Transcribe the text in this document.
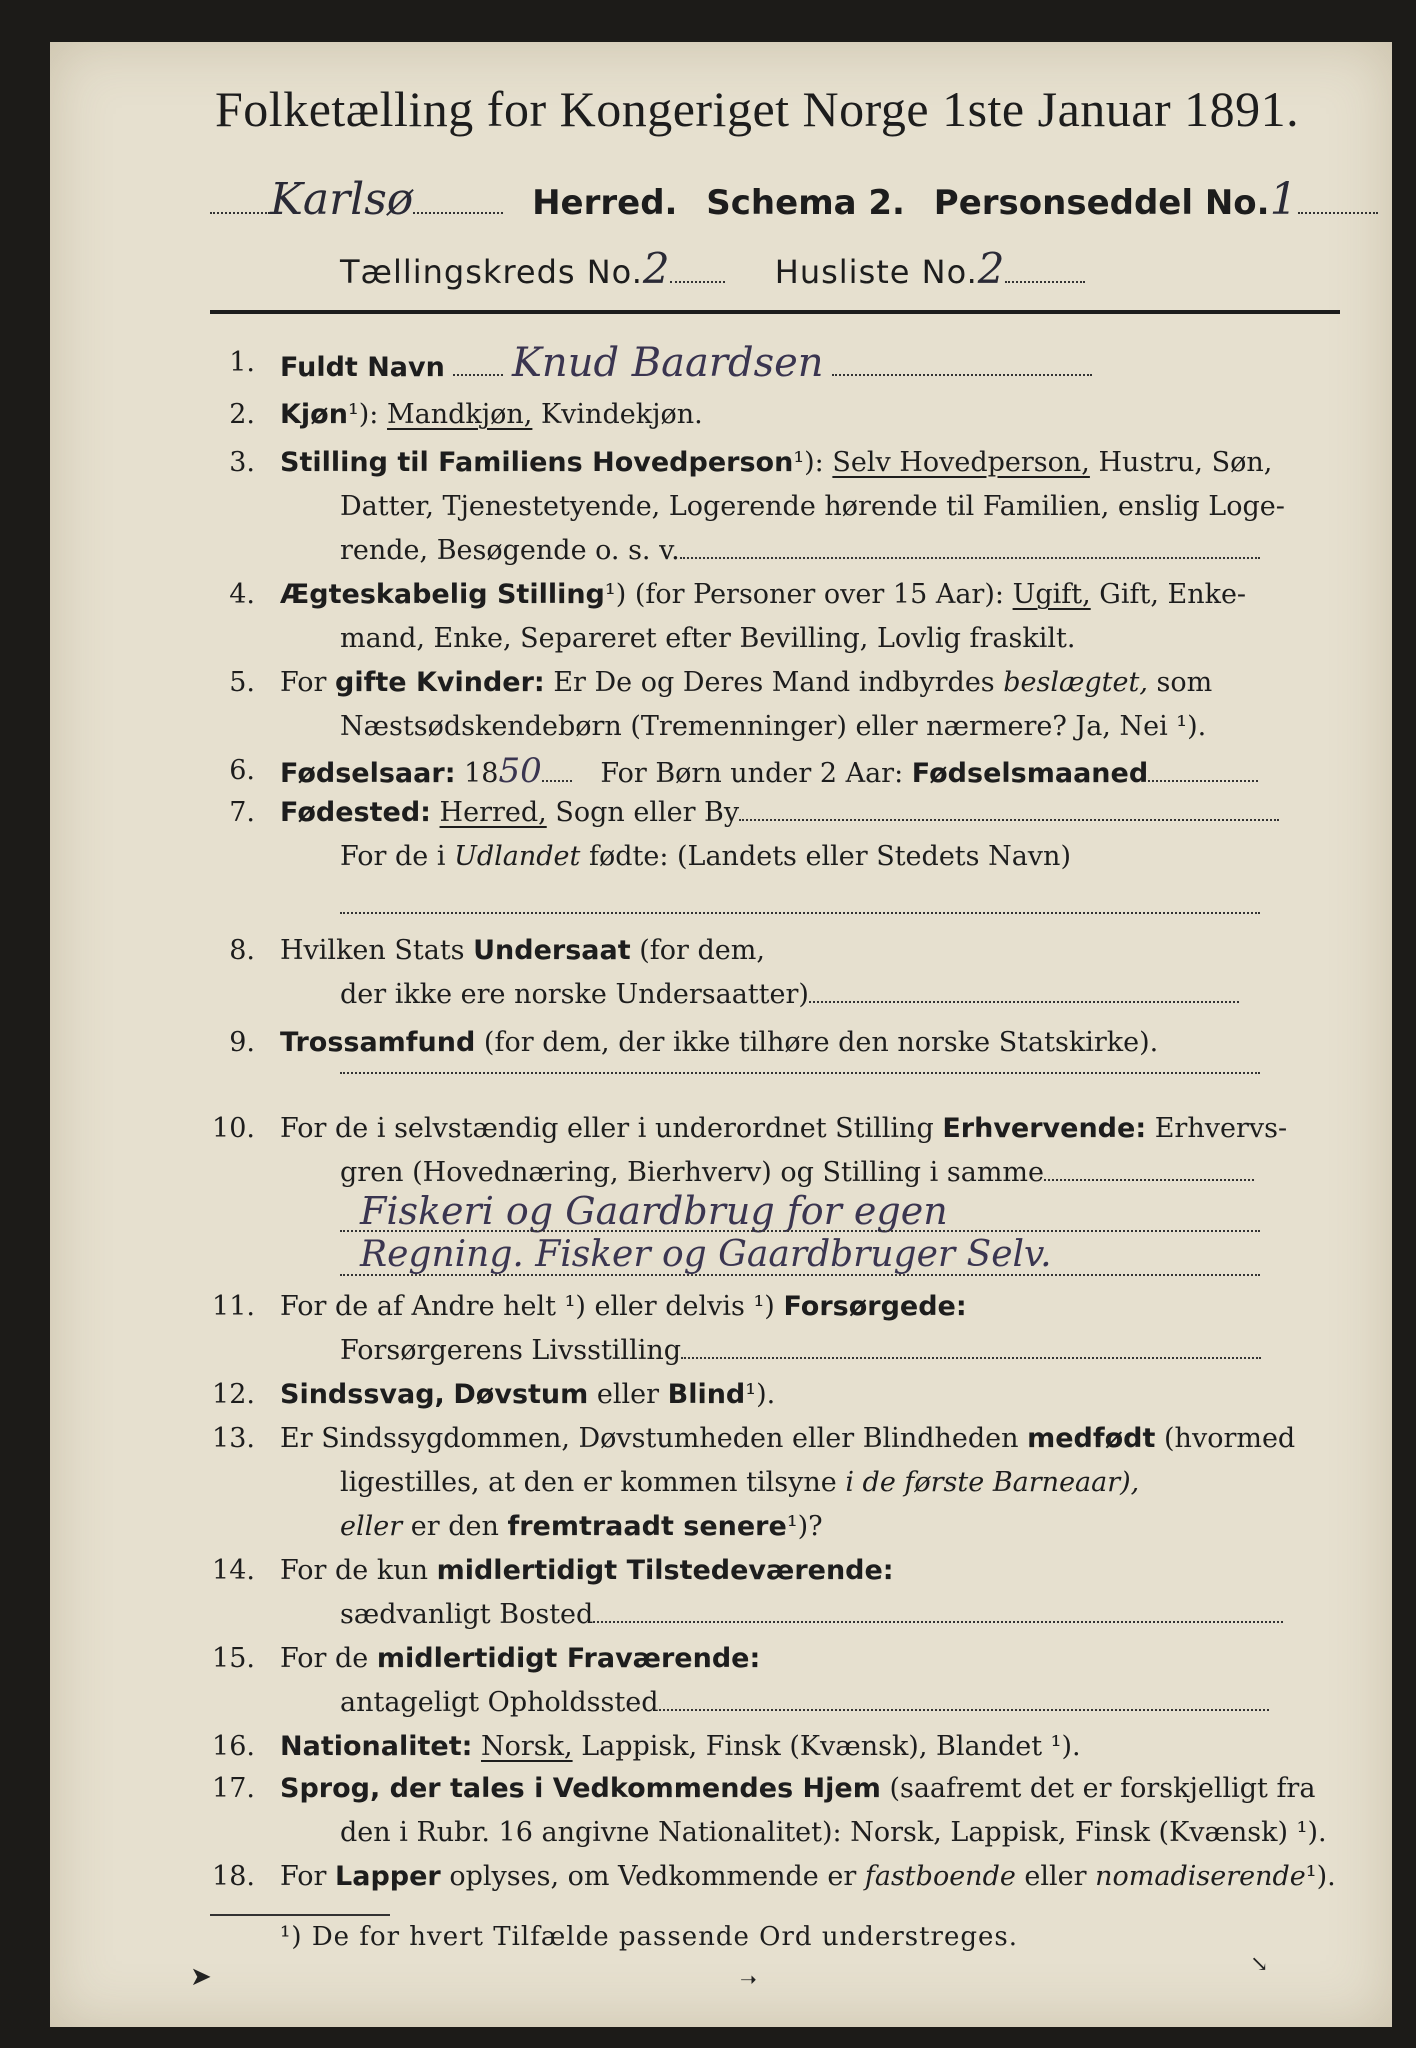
Folketælling for Kongeriget Norge 1ste Januar 1891.
Karlsø	Herred. Schema 2. Personseddel No.1
Tællingskreds No.2	Husliste No.2
1. Fuldt Navn Knud Baardsen
2. Kjøn¹): Mandkjøn, Kvindekjøn.
3. Stilling til Familiens Hovedperson¹): Selv Hovedperson, Hustru, Søn,
Datter, Tjenestetyende, Logerende hørende til Familien, enslig Loge-
rende, Besøgende o. s. v.
4. Ægteskabelig Stilling¹) (for Personer over 15 Aar): Ugift, Gift, Enke-
mand, Enke, Separeret efter Bevilling, Lovlig fraskilt.
5. For gifte Kvinder: Er De og Deres Mand indbyrdes beslægtet, som
Næstsødskendebørn (Tremenninger) eller nærmere? Ja, Nei ¹).
6. Fødselsaar: 1850 For Børn under 2 Aar: Fødselsmaaned
7. Fødested: Herred, Sogn eller By
For de i Udlandet fødte: (Landets eller Stedets Navn)
8. Hvilken Stats Undersaat (for dem,
der ikke ere norske Undersaatter)
9. Trossamfund (for dem, der ikke tilhøre den norske Statskirke).
10. For de i selvstændig eller i underordnet Stilling Erhvervende: Erhvervs-
gren (Hovednæring, Bierhverv) og Stilling i samme
Fiskeri og Gaardbrug for egen
Regning. Fisker og Gaardbruger Selv.
11. For de af Andre helt ¹) eller delvis ¹) Forsørgede:
Forsørgerens Livsstilling
12. Sindssvag, Døvstum eller Blind¹).
13. Er Sindssygdommen, Døvstumheden eller Blindheden medfødt (hvormed
ligestilles, at den er kommen tilsyne i de første Barneaar),
eller er den fremtraadt senere¹)?
14. For de kun midlertidigt Tilstedeværende:
sædvanligt Bosted
15. For de midlertidigt Fraværende:
antageligt Opholdssted
16. Nationalitet: Norsk, Lappisk, Finsk (Kvænsk), Blandet ¹).
17. Sprog, der tales i Vedkommendes Hjem (saafremt det er forskjelligt fra
den i Rubr. 16 angivne Nationalitet): Norsk, Lappisk, Finsk (Kvænsk) ¹).
18. For Lapper oplyses, om Vedkommende er fastboende eller nomadiserende¹).
¹) De for hvert Tilfælde passende Ord understreges.
➤	➝
↘
